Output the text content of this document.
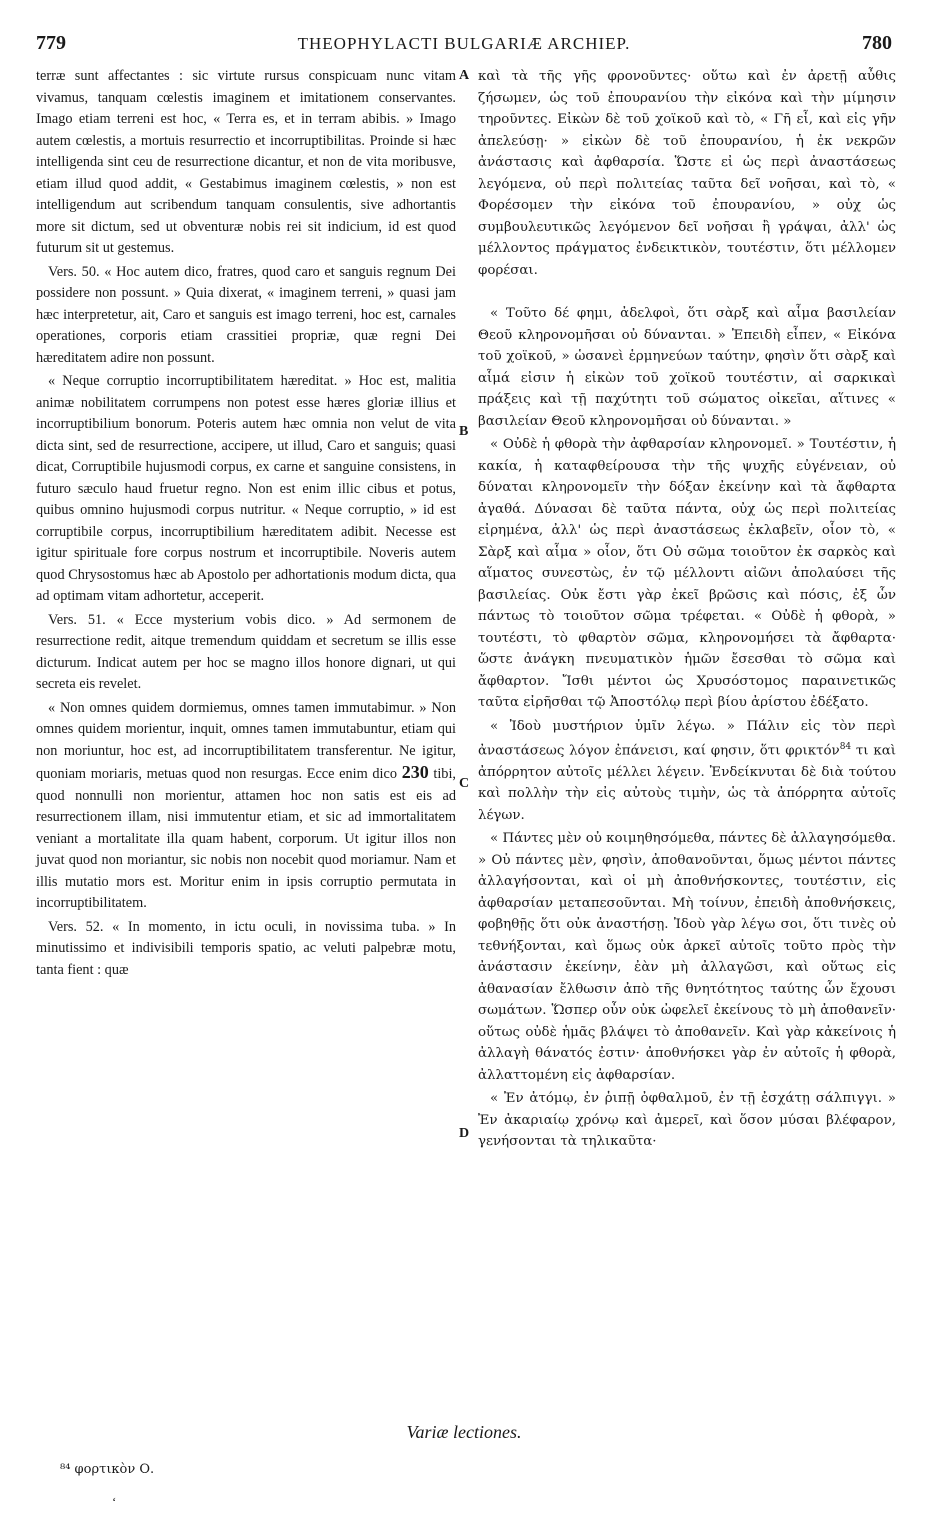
779	THEOPHYLACTI BULGARIÆ ARCHIEP.	780

terræ sunt affectantes : sic virtute rursus conspicuam nunc vitam vivamus, tanquam cœlestis imaginem et imitationem conservantes. Imago etiam terreni est hoc, « Terra es, et in terram abibis. » Imago autem cœlestis, a mortuis resurrectio et incorruptibilitas. Proinde si hæc intelligenda sint ceu de resurrectione dicantur, et non de vita moribusve, etiam illud quod addit, « Gestabimus imaginem cœlestis, » non est intelligendum aut scribendum tanquam consulentis, sive adhortantis more sit dictum, sed ut obventuræ nobis rei sit indicium, id est quod futurum sit ut gestemus.

Vers. 50. « Hoc autem dico, fratres, quod caro et sanguis regnum Dei possidere non possunt. » Quia dixerat, « imaginem terreni, » quasi jam hæc interpretetur, ait, Caro et sanguis est imago terreni, hoc est, carnales operationes, corporis etiam crassitiei propriæ, quæ regni Dei hæreditatem adire non possunt.

« Neque corruptio incorruptibilitatem hæreditat. » Hoc est, malitia animæ nobilitatem corrumpens non potest esse hæres gloriæ illius et incorruptibilium bonorum. Poteris autem hæc omnia non velut de vita dicta sint, sed de resurrectione, accipere, ut illud, Caro et sanguis; quasi dicat, Corruptibile hujusmodi corpus, ex carne et sanguine consistens, in futuro sæculo haud fruetur regno. Non est enim illic cibus et potus, quibus omnino hujusmodi corpus nutritur. « Neque corruptio, » id est corruptibile corpus, incorruptibilium hæreditatem adibit. Necesse est igitur spirituale fore corpus nostrum et incorruptibile. Noveris autem quod Chrysostomus hæc ab Apostolo per adhortationis modum dicta, qua ad optimam vitam adhortetur, acceperit.

Vers. 51. « Ecce mysterium vobis dico. » Ad sermonem de resurrectione redit, aitque tremendum quiddam et secretum se illis esse dicturum. Indicat autem per hoc se magno illos honore dignari, ut qui secreta eis revelet.

« Non omnes quidem dormiemus, omnes tamen immutabimur. » Non omnes quidem morientur, inquit, omnes tamen immutabuntur, etiam qui non moriuntur, hoc est, ad incorruptibilitatem transferentur. Ne igitur, quoniam moriaris, metuas quod non resurgas. Ecce enim dico 230 tibi, quod nonnulli non morientur, attamen hoc non satis est eis ad resurrectionem illam, nisi immutentur etiam, et sic ad immortalitatem veniant a mortalitate illa quam habent, corporum. Ut igitur illos non juvat quod non moriantur, sic nobis non nocebit quod moriamur. Nam et illis mutatio mors est. Moritur enim in ipsis corruptio permutata in incorruptibilitatem.

Vers. 52. « In momento, in ictu oculi, in novissima tuba. » In minutissimo et indivisibili temporis spatio, ac veluti palpebræ motu, tanta fient : quæ

A
B
C
D

καὶ τὰ τῆς γῆς φρονοῦντες· οὕτω καὶ ἐν ἀρετῇ αὖθις ζήσωμεν, ὡς τοῦ ἐπουρανίου τὴν εἰκόνα καὶ τὴν μίμησιν τηροῦντες. Εἰκὼν δὲ τοῦ χοϊκοῦ καὶ τὸ, « Γῆ εἶ, καὶ εἰς γῆν ἀπελεύσῃ· » εἰκὼν δὲ τοῦ ἐπουρανίου, ἡ ἐκ νεκρῶν ἀνάστασις καὶ ἀφθαρσία. Ὥστε εἰ ὡς περὶ ἀναστάσεως λεγόμενα, οὐ περὶ πολιτείας ταῦτα δεῖ νοῆσαι, καὶ τὸ, « Φορέσομεν τὴν εἰκόνα τοῦ ἐπουρανίου, » οὐχ ὡς συμβουλευτικῶς λεγόμενον δεῖ νοῆσαι ἢ γράψαι, ἀλλ' ὡς μέλλοντος πράγματος ἐνδεικτικὸν, τουτέστιν, ὅτι μέλλομεν φορέσαι.

« Τοῦτο δέ φημι, ἀδελφοὶ, ὅτι σὰρξ καὶ αἷμα βασιλείαν Θεοῦ κληρονομῆσαι οὐ δύνανται. » Ἐπειδὴ εἶπεν, « Εἰκόνα τοῦ χοϊκοῦ, » ὡσανεὶ ἑρμηνεύων ταύτην, φησὶν ὅτι σὰρξ καὶ αἷμά εἰσιν ἡ εἰκὼν τοῦ χοϊκοῦ τουτέστιν, αἱ σαρκικαὶ πράξεις καὶ τῇ παχύτητι τοῦ σώματος οἰκεῖαι, αἵτινες « βασιλείαν Θεοῦ κληρονομῆσαι οὐ δύνανται. »

« Οὐδὲ ἡ φθορὰ τὴν ἀφθαρσίαν κληρονομεῖ. » Τουτέστιν, ἡ κακία, ἡ καταφθείρουσα τὴν τῆς ψυχῆς εὐγένειαν, οὐ δύναται κληρονομεῖν τὴν δόξαν ἐκείνην καὶ τὰ ἄφθαρτα ἀγαθά. Δύνασαι δὲ ταῦτα πάντα, οὐχ ὡς περὶ πολιτείας εἰρημένα, ἀλλ' ὡς περὶ ἀναστάσεως ἐκλαβεῖν, οἷον τὸ, « Σὰρξ καὶ αἷμα » οἷον, ὅτι Οὐ σῶμα τοιοῦτον ἐκ σαρκὸς καὶ αἵματος συνεστὼς, ἐν τῷ μέλλοντι αἰῶνι ἀπολαύσει τῆς βασιλείας. Οὐκ ἔστι γὰρ ἐκεῖ βρῶσις καὶ πόσις, ἐξ ὧν πάντως τὸ τοιοῦτον σῶμα τρέφεται. « Οὐδὲ ἡ φθορὰ, » τουτέστι, τὸ φθαρτὸν σῶμα, κληρονομήσει τὰ ἄφθαρτα· ὥστε ἀνάγκη πνευματικὸν ἡμῶν ἔσεσθαι τὸ σῶμα καὶ ἄφθαρτον. Ἴσθι μέντοι ὡς Χρυσόστομος παραινετικῶς ταῦτα εἰρῆσθαι τῷ Ἀποστόλῳ περὶ βίου ἀρίστου ἐδέξατο.

« Ἰδοὺ μυστήριον ὑμῖν λέγω. » Πάλιν εἰς τὸν περὶ ἀναστάσεως λόγον ἐπάνεισι, καί φησιν, ὅτι φρικτόν$^{84}$ τι καὶ ἀπόρρητον αὐτοῖς μέλλει λέγειν. Ἐνδείκνυται δὲ διὰ τούτου καὶ πολλὴν τὴν εἰς αὐτοὺς τιμὴν, ὡς τὰ ἀπόρρητα αὐτοῖς λέγων.

« Πάντες μὲν οὐ κοιμηθησόμεθα, πάντες δὲ ἀλλαγησόμεθα. » Οὐ πάντες μὲν, φησὶν, ἀποθανοῦνται, ὅμως μέντοι πάντες ἀλλαγήσονται, καὶ οἱ μὴ ἀποθνήσκοντες, τουτέστιν, εἰς ἀφθαρσίαν μεταπεσοῦνται. Μὴ τοίνυν, ἐπειδὴ ἀποθνήσκεις, φοβηθῇς ὅτι οὐκ ἀναστήσῃ. Ἰδοὺ γὰρ λέγω σοι, ὅτι τινὲς οὐ τεθνήξονται, καὶ ὅμως οὐκ ἀρκεῖ αὐτοῖς τοῦτο πρὸς τὴν ἀνάστασιν ἐκείνην, ἐὰν μὴ ἀλλαγῶσι, καὶ οὕτως εἰς ἀθανασίαν ἔλθωσιν ἀπὸ τῆς θνητότητος ταύτης ὧν ἔχουσι σωμάτων. Ὥσπερ οὖν οὐκ ὠφελεῖ ἐκείνους τὸ μὴ ἀποθανεῖν· οὕτως οὐδὲ ἡμᾶς βλάψει τὸ ἀποθανεῖν. Καὶ γὰρ κἀκείνοις ἡ ἀλλαγὴ θάνατός ἐστιν· ἀποθνήσκει γὰρ ἐν αὐτοῖς ἡ φθορὰ, ἀλλαττομένη εἰς ἀφθαρσίαν.

« Ἐν ἀτόμῳ, ἐν ῥιπῇ ὀφθαλμοῦ, ἐν τῇ ἐσχάτῃ σάλπιγγι. » Ἐν ἀκαριαίῳ χρόνῳ καὶ ἀμερεῖ, καὶ ὅσον μύσαι βλέφαρον, γενήσονται τὰ τηλικαῦτα·

Variæ lectiones.
⁸⁴ φορτικὸν Ο.
ʻ
